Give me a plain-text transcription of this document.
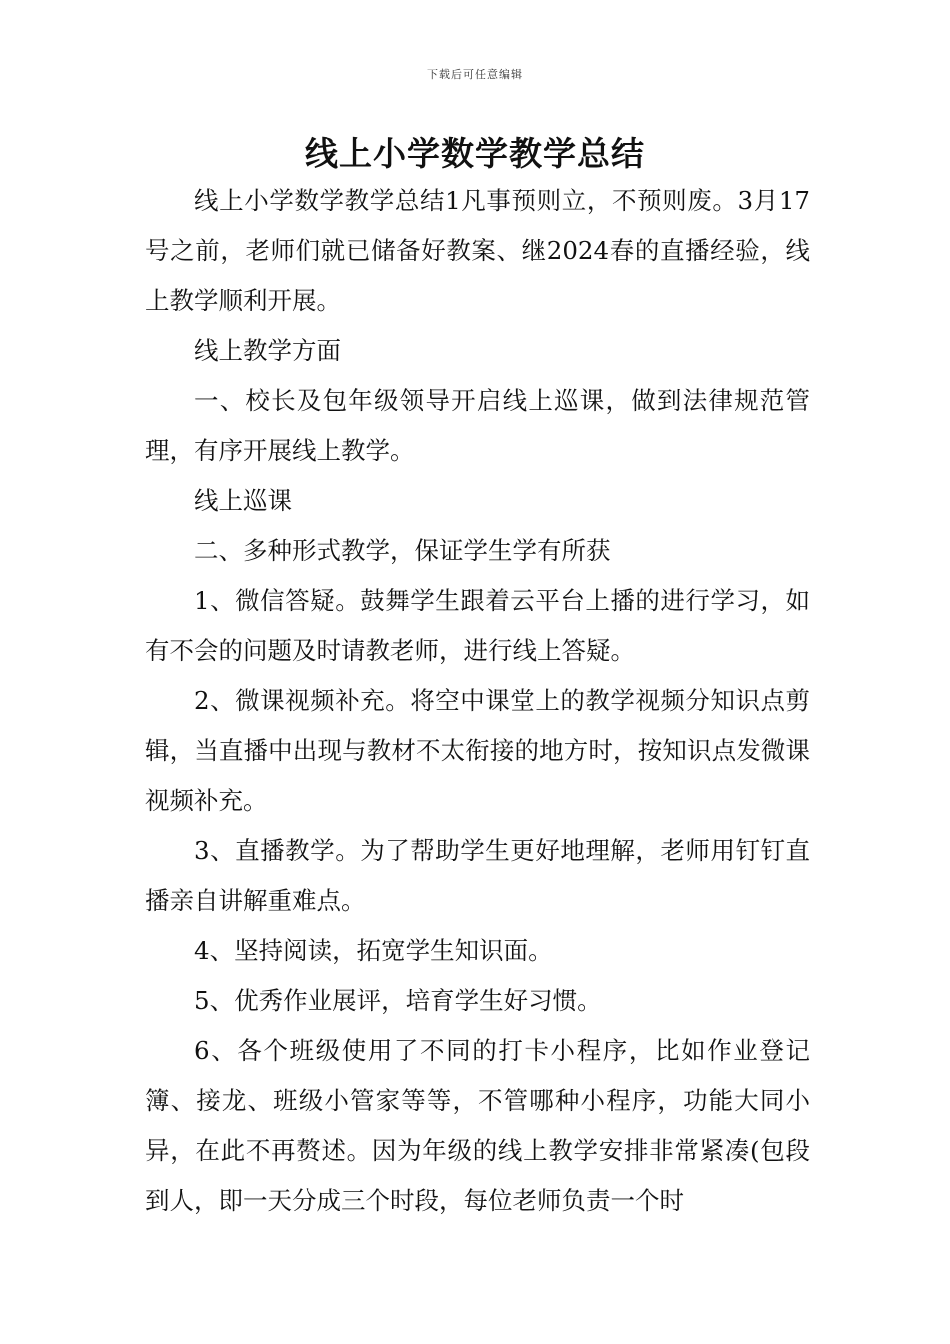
下载后可任意编辑
线上小学数学教学总结

线上小学数学教学总结1凡事预则立，不预则废。3月17号之前，老师们就已储备好教案、继2024春的直播经验，线上教学顺利开展。

线上教学方面

一、校长及包年级领导开启线上巡课，做到法律规范管理，有序开展线上教学。

线上巡课

二、多种形式教学，保证学生学有所获

1、微信答疑。鼓舞学生跟着云平台上播的进行学习，如有不会的问题及时请教老师，进行线上答疑。

2、微课视频补充。将空中课堂上的教学视频分知识点剪辑，当直播中出现与教材不太衔接的地方时，按知识点发微课视频补充。

3、直播教学。为了帮助学生更好地理解，老师用钉钉直播亲自讲解重难点。

4、坚持阅读，拓宽学生知识面。

5、优秀作业展评，培育学生好习惯。

6、各个班级使用了不同的打卡小程序，比如作业登记簿、接龙、班级小管家等等，不管哪种小程序，功能大同小异，在此不再赘述。因为年级的线上教学安排非常紧凑(包段到人，即一天分成三个时段，每位老师负责一个时
